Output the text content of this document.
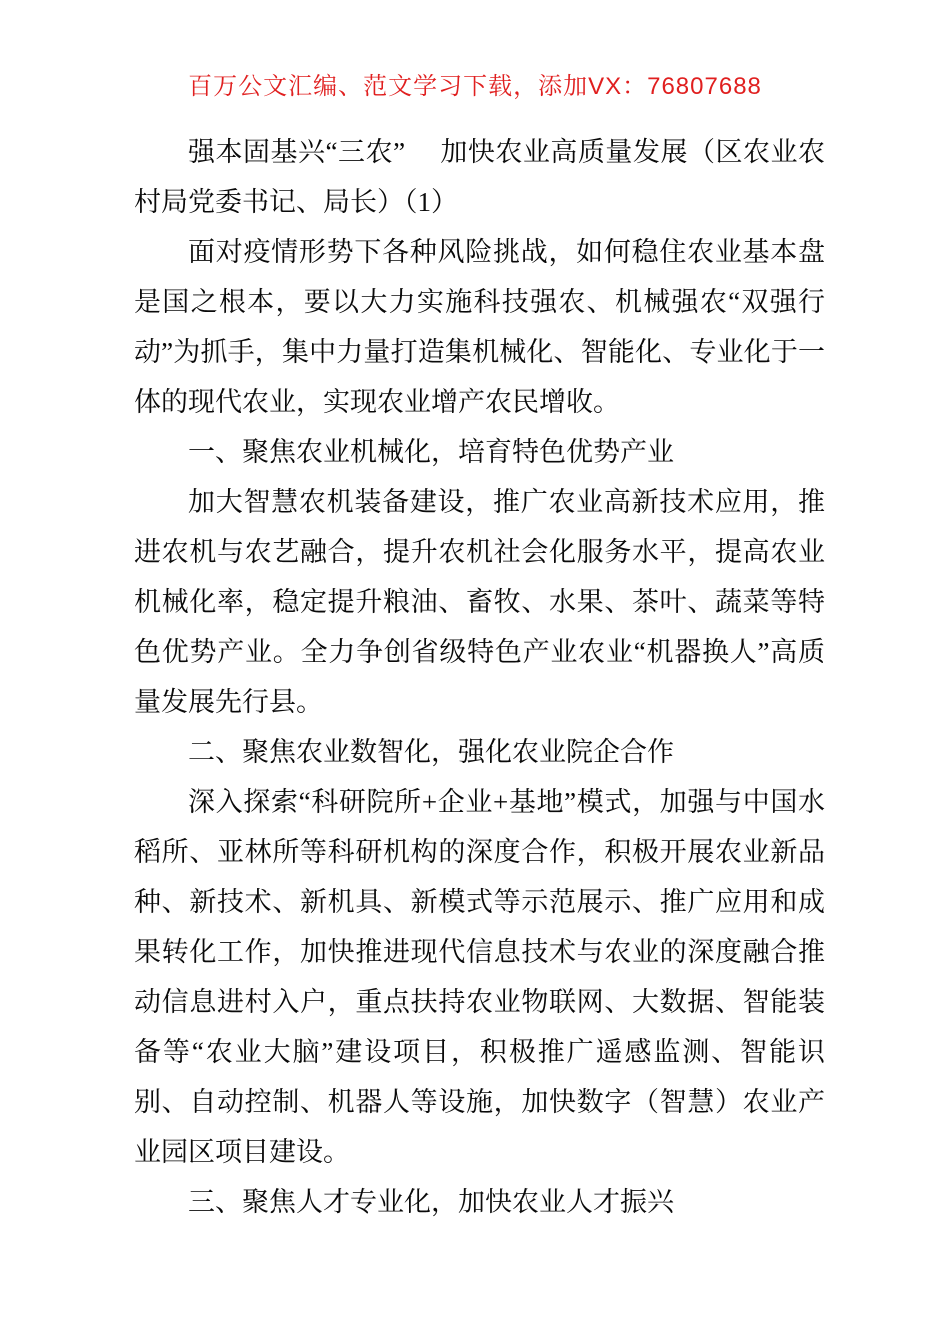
百万公文汇编、范文学习下载，添加VX：76807688

强本固基兴“三农”　 加快农业高质量发展（区农业农村局党委书记、局长）（1）

面对疫情形势下各种风险挑战，如何稳住农业基本盘是国之根本，要以大力实施科技强农、机械强农“双强行动”为抓手，集中力量打造集机械化、智能化、专业化于一体的现代农业，实现农业增产农民增收。

一、聚焦农业机械化，培育特色优势产业

加大智慧农机装备建设，推广农业高新技术应用，推进农机与农艺融合，提升农机社会化服务水平，提高农业机械化率，稳定提升粮油、畜牧、水果、茶叶、蔬菜等特色优势产业。全力争创省级特色产业农业“机器换人”高质量发展先行县。

二、聚焦农业数智化，强化农业院企合作

深入探索“科研院所+企业+基地”模式，加强与中国水稻所、亚林所等科研机构的深度合作，积极开展农业新品种、新技术、新机具、新模式等示范展示、推广应用和成果转化工作，加快推进现代信息技术与农业的深度融合推动信息进村入户，重点扶持农业物联网、大数据、智能装备等“农业大脑”建设项目，积极推广遥感监测、智能识别、自动控制、机器人等设施，加快数字（智慧）农业产业园区项目建设。

三、聚焦人才专业化，加快农业人才振兴
